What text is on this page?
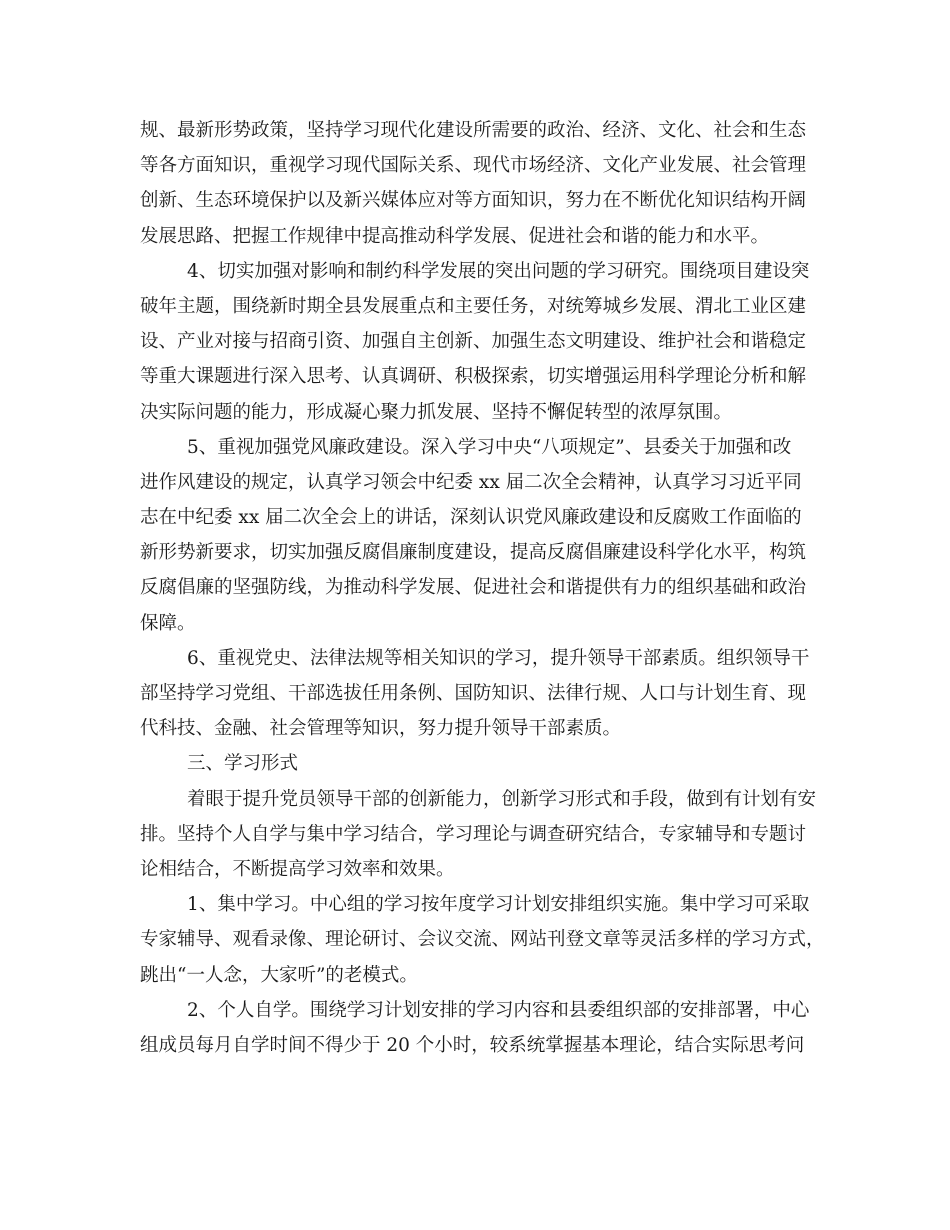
规、最新形势政策，坚持学习现代化建设所需要的政治、经济、文化、社会和生态
等各方面知识，重视学习现代国际关系、现代市场经济、文化产业发展、社会管理
创新、生态环境保护以及新兴媒体应对等方面知识，努力在不断优化知识结构开阔
发展思路、把握工作规律中提高推动科学发展、促进社会和谐的能力和水平。
4、切实加强对影响和制约科学发展的突出问题的学习研究。围绕项目建设突
破年主题，围绕新时期全县发展重点和主要任务，对统筹城乡发展、渭北工业区建
设、产业对接与招商引资、加强自主创新、加强生态文明建设、维护社会和谐稳定
等重大课题进行深入思考、认真调研、积极探索，切实增强运用科学理论分析和解
决实际问题的能力，形成凝心聚力抓发展、坚持不懈促转型的浓厚氛围。
5、重视加强党风廉政建设。深入学习中央“八项规定”、县委关于加强和改
进作风建设的规定，认真学习领会中纪委 xx 届二次全会精神，认真学习习近平同
志在中纪委 xx 届二次全会上的讲话，深刻认识党风廉政建设和反腐败工作面临的
新形势新要求，切实加强反腐倡廉制度建设，提高反腐倡廉建设科学化水平，构筑
反腐倡廉的坚强防线，为推动科学发展、促进社会和谐提供有力的组织基础和政治
保障。
6、重视党史、法律法规等相关知识的学习，提升领导干部素质。组织领导干
部坚持学习党组、干部选拔任用条例、国防知识、法律行规、人口与计划生育、现
代科技、金融、社会管理等知识，努力提升领导干部素质。
三、学习形式
着眼于提升党员领导干部的创新能力，创新学习形式和手段，做到有计划有安
排。坚持个人自学与集中学习结合，学习理论与调查研究结合，专家辅导和专题讨
论相结合，不断提高学习效率和效果。
1、集中学习。中心组的学习按年度学习计划安排组织实施。集中学习可采取
专家辅导、观看录像、理论研讨、会议交流、网站刊登文章等灵活多样的学习方式，
跳出“一人念，大家听”的老模式。
2、个人自学。围绕学习计划安排的学习内容和县委组织部的安排部署，中心
组成员每月自学时间不得少于 20 个小时，较系统掌握基本理论，结合实际思考问
